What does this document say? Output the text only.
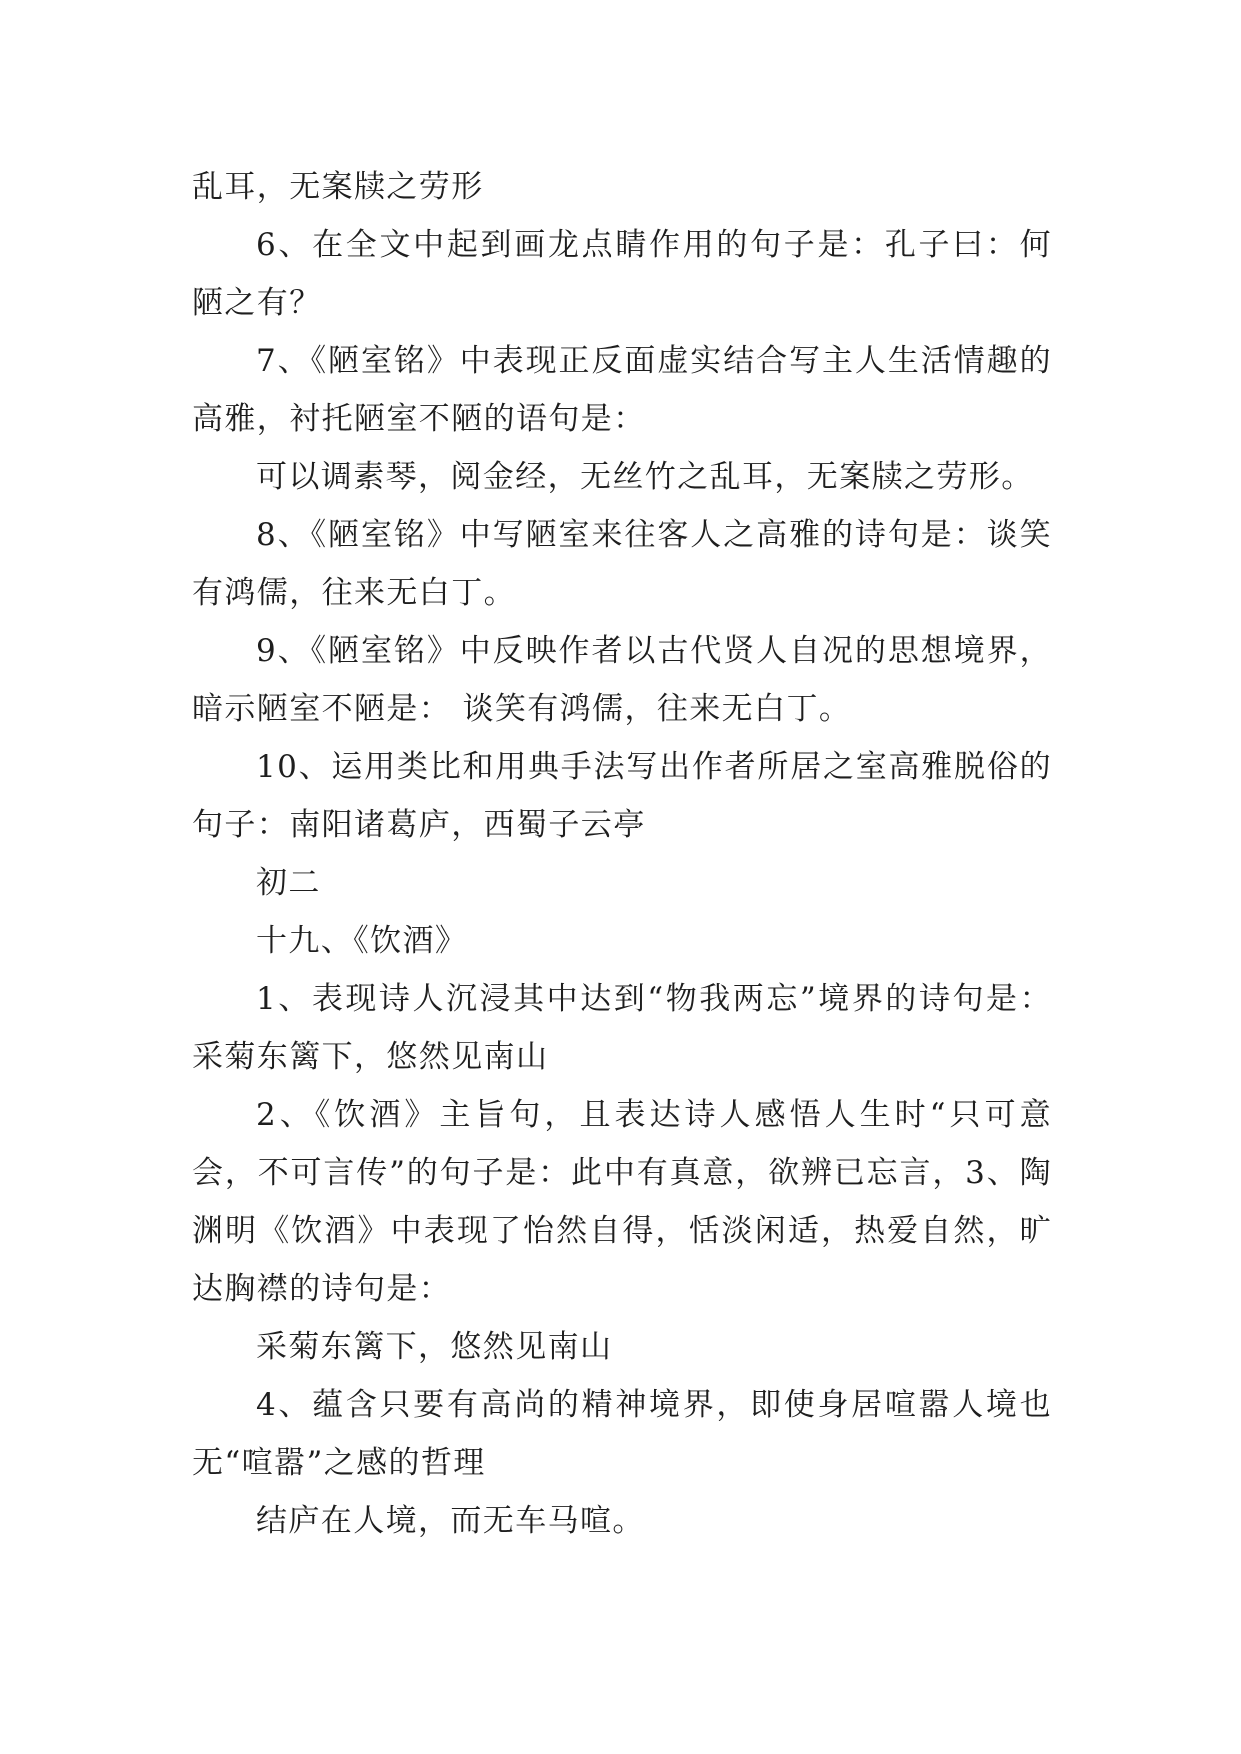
乱耳，无案牍之劳形

6、在全文中起到画龙点睛作用的句子是：孔子曰：何陋之有？

7、《陋室铭》中表现正反面虚实结合写主人生活情趣的高雅，衬托陋室不陋的语句是：

可以调素琴，阅金经，无丝竹之乱耳，无案牍之劳形。

8、《陋室铭》中写陋室来往客人之高雅的诗句是：谈笑有鸿儒，往来无白丁。

9、《陋室铭》中反映作者以古代贤人自况的思想境界，暗示陋室不陋是： 谈笑有鸿儒，往来无白丁。

10、运用类比和用典手法写出作者所居之室高雅脱俗的句子：南阳诸葛庐，西蜀子云亭

初二

十九、《饮酒》

1、表现诗人沉浸其中达到“物我两忘”境界的诗句是：采菊东篱下，悠然见南山

2、《饮酒》主旨句，且表达诗人感悟人生时“只可意会，不可言传”的句子是：此中有真意，欲辨已忘言，3、陶渊明《饮酒》中表现了怡然自得，恬淡闲适，热爱自然，旷达胸襟的诗句是：

采菊东篱下，悠然见南山

4、蕴含只要有高尚的精神境界，即使身居喧嚣人境也无“喧嚣”之感的哲理

结庐在人境，而无车马喧。
